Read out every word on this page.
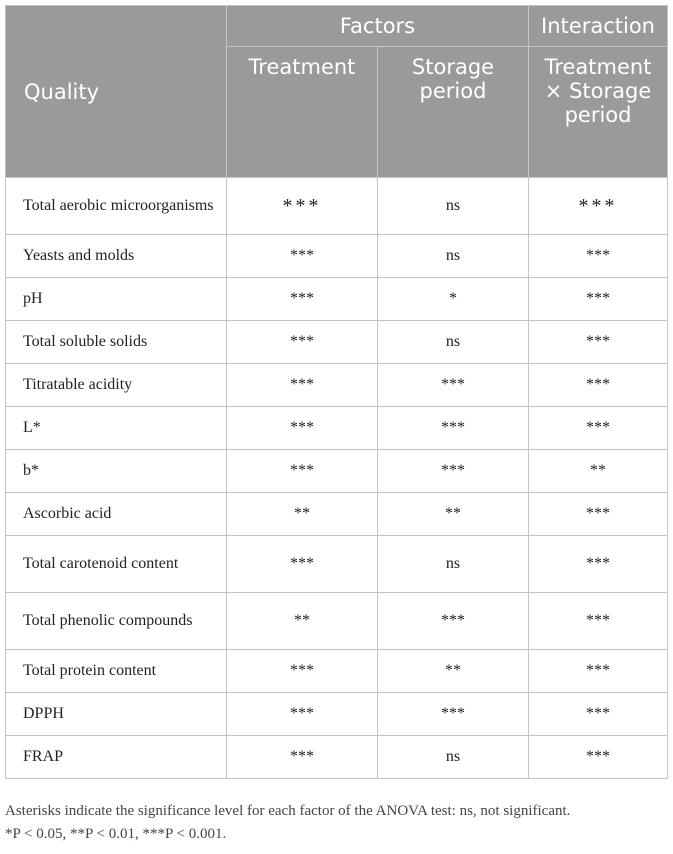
Quality	Factors		Interaction
	Treatment	Storage period	Treatment × Storage period
Total aerobic microorganisms	***	ns	***
Yeasts and molds	***	ns	***
pH	***	*	***
Total soluble solids	***	ns	***
Titratable acidity	***	***	***
L*	***	***	***
b*	***	***	**
Ascorbic acid	**	**	***
Total carotenoid content	***	ns	***
Total phenolic compounds	**	***	***
Total protein content	***	**	***
DPPH	***	***	***
FRAP	***	ns	***
Asterisks indicate the significance level for each factor of the ANOVA test: ns, not significant.
*P < 0.05, **P < 0.01, ***P < 0.001.
